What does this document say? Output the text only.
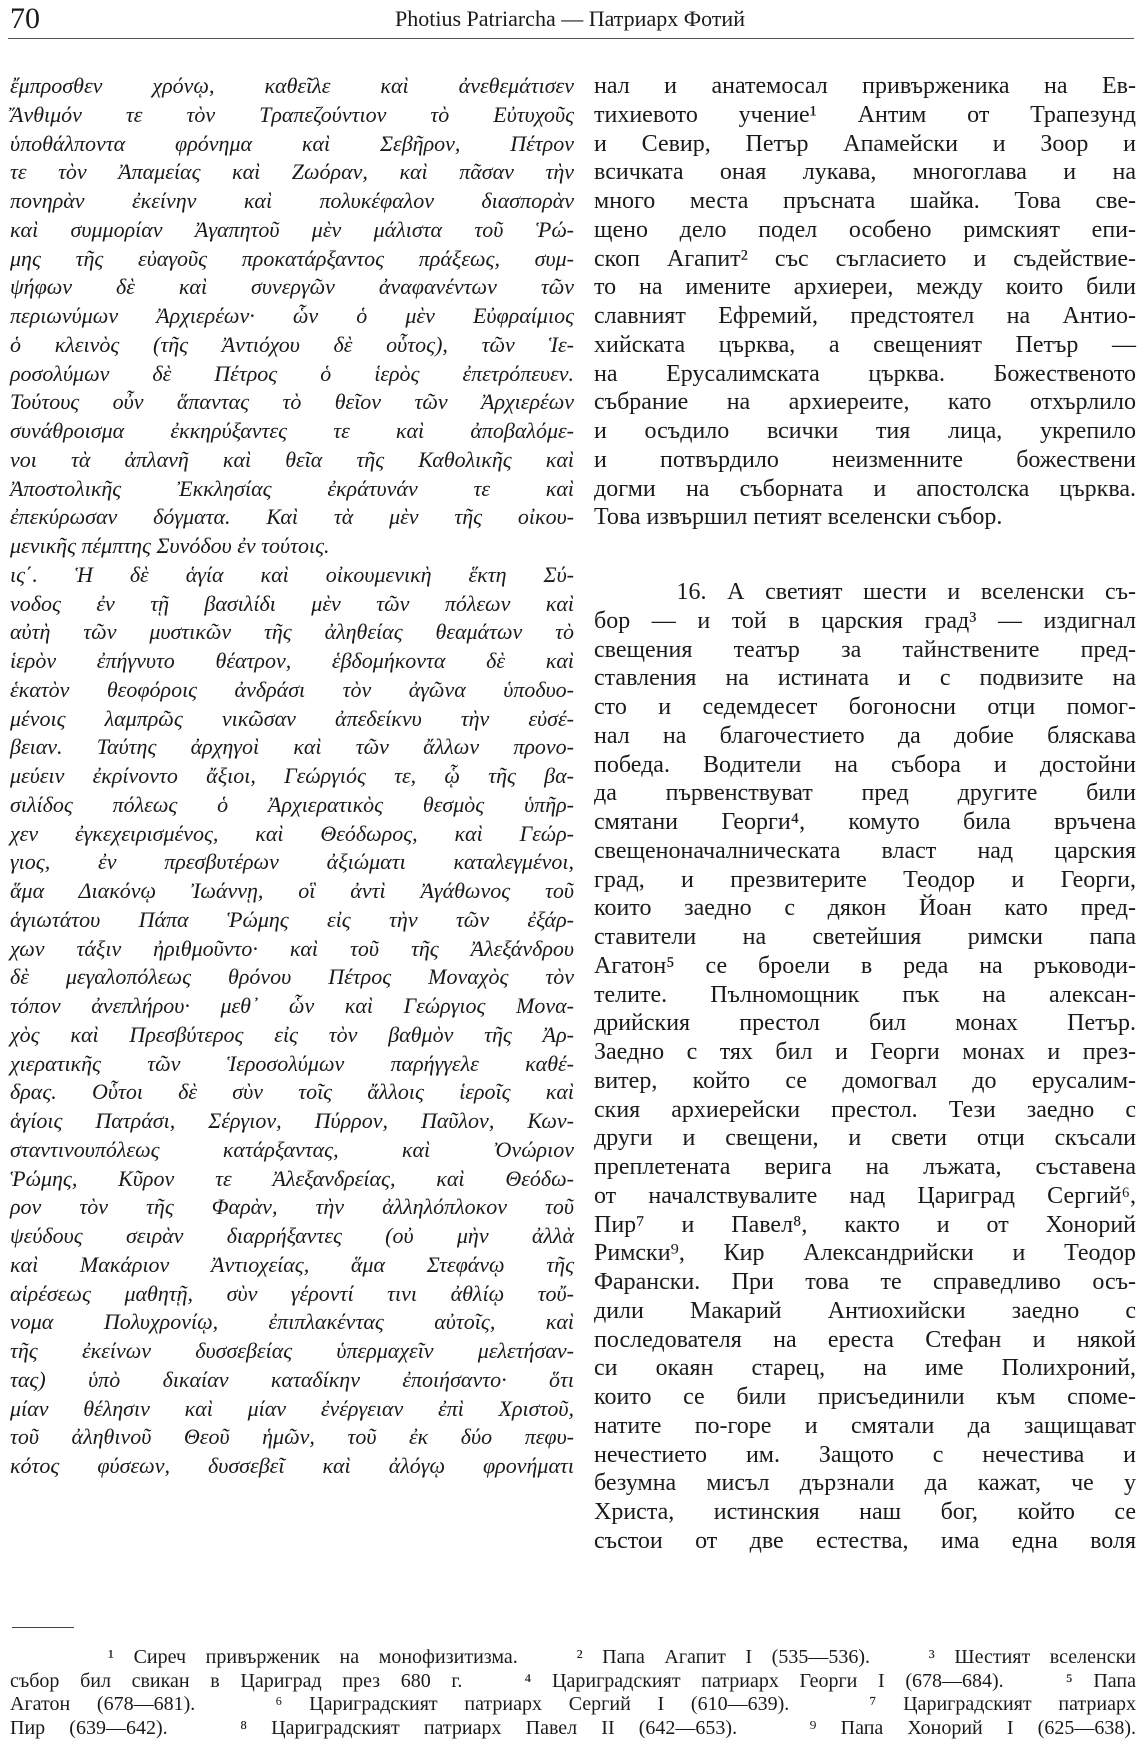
70	Photius Patriarcha — Патриарх Фотий
ἔμπροσθεν χρόνῳ, καθεῖλε καὶ ἀνεθεμάτισεν
Ἄνθιμόν τε τὸν Τραπεζούντιον τὸ Εὐτυχοῦς
ὑποθάλποντα φρόνημα καὶ Σεβῆρον, Πέτρον
τε τὸν Ἀπαμείας καὶ Ζωόραν, καὶ πᾶσαν τὴν
πονηρὰν ἐκείνην καὶ πολυκέφαλον διασπορὰν
καὶ συμμορίαν Ἀγαπητοῦ μὲν μάλιστα τοῦ Ῥώ-
μης τῆς εὐαγοῦς προκατάρξαντος πράξεως, συμ-
ψήφων δὲ καὶ συνεργῶν ἀναφανέντων τῶν
περιωνύμων Ἀρχιερέων· ὧν ὁ μὲν Εὐφραίμιος
ὁ κλεινὸς (τῆς Ἀντιόχου δὲ οὗτος), τῶν Ἱε-
ροσολύμων δὲ Πέτρος ὁ ἱερὸς ἐπετρόπευεν.
Τούτους οὖν ἅπαντας τὸ θεῖον τῶν Ἀρχιερέων
συνάθροισμα ἐκκηρύξαντες τε καὶ ἀποβαλόμε-
νοι τὰ ἀπλανῆ καὶ θεῖα τῆς Καθολικῆς καὶ
Ἀποστολικῆς Ἐκκλησίας ἐκράτυνάν τε καὶ
ἐπεκύρωσαν δόγματα. Καὶ τὰ μὲν τῆς οἰκου-
μενικῆς πέμπτης Συνόδου ἐν τούτοις.
ις΄. Ἡ δὲ ἁγία καὶ οἰκουμενικὴ ἕκτη Σύ-
νοδος ἐν τῇ βασιλίδι μὲν τῶν πόλεων καὶ
αὐτὴ τῶν μυστικῶν τῆς ἀληθείας θεαμάτων τὸ
ἱερὸν ἐπήγνυτο θέατρον, ἑβδομήκοντα δὲ καὶ
ἑκατὸν θεοφόροις ἀνδράσι τὸν ἀγῶνα ὑποδυο-
μένοις λαμπρῶς νικῶσαν ἀπεδείκνυ τὴν εὐσέ-
βειαν. Ταύτης ἀρχηγοὶ καὶ τῶν ἄλλων προνο-
μεύειν ἐκρίνοντο ἄξιοι, Γεώργιός τε, ᾧ τῆς βα-
σιλίδος πόλεως ὁ Ἀρχιερατικὸς θεσμὸς ὑπῆρ-
χεν ἐγκεχειρισμένος, καὶ Θεόδωρος, καὶ Γεώρ-
γιος, ἐν πρεσβυτέρων ἀξιώματι καταλεγμένοι,
ἅμα Διακόνῳ Ἰωάννῃ, οἳ ἀντὶ Ἀγάθωνος τοῦ
ἁγιωτάτου Πάπα Ῥώμης εἰς τὴν τῶν ἐξάρ-
χων τάξιν ἠριθμοῦντο· καὶ τοῦ τῆς Ἀλεξάνδρου
δὲ μεγαλοπόλεως θρόνου Πέτρος Μοναχὸς τὸν
τόπον ἀνεπλήρου· μεθ᾽ ὧν καὶ Γεώργιος Μονα-
χὸς καὶ Πρεσβύτερος εἰς τὸν βαθμὸν τῆς Ἀρ-
χιερατικῆς τῶν Ἱεροσολύμων παρήγγελε καθέ-
δρας. Οὗτοι δὲ σὺν τοῖς ἄλλοις ἱεροῖς καὶ
ἁγίοις Πατράσι, Σέργιον, Πύρρον, Παῦλον, Κων-
σταντινουπόλεως κατάρξαντας, καὶ Ὀνώριον
Ῥώμης, Κῦρον τε Ἀλεξανδρείας, καὶ Θεόδω-
ρον τὸν τῆς Φαρὰν, τὴν ἀλληλόπλοκον τοῦ
ψεύδους σειρὰν διαρρήξαντες (οὐ μὴν ἀλλὰ
καὶ Μακάριον Ἀντιοχείας, ἅμα Στεφάνῳ τῆς
αἱρέσεως μαθητῇ, σὺν γέροντί τινι ἀθλίῳ τοὔ-
νομα Πολυχρονίῳ, ἐπιπλακέντας αὐτοῖς, καὶ
τῆς ἐκείνων δυσσεβείας ὑπερμαχεῖν μελετήσαν-
τας) ὑπὸ δικαίαν καταδίκην ἐποιήσαντο· ὅτι
μίαν θέλησιν καὶ μίαν ἐνέργειαν ἐπὶ Χριστοῦ,
τοῦ ἀληθινοῦ Θεοῦ ἡμῶν, τοῦ ἐκ δύο πεφυ-
κότος φύσεων, δυσσεβεῖ καὶ ἀλόγῳ φρονήματι
нал и анатемосал привърженика на Ев-
тихиевото учение¹ Антим от Трапезунд
и Севир, Петър Апамейски и Зоор и
всичката оная лукава, многоглава и на
много места пръсната шайка. Това све-
щено дело подел особено римският епи-
скоп Агапит² със съгласието и съдействие-
то на имените архиереи, между които били
славният Ефремий, предстоятел на Антио-
хийската църква, а свещеният Петър —
на Ерусалимската църква. Божественото
събрание на архиереите, като отхърлило
и осъдило всички тия лица, укрепило
и потвърдило неизменните божествени
догми на съборната и апостолска църква.
Това извършил петият вселенски събор.
16. А светият шести и вселенски съ-
бор — и той в царския град³ — издигнал
свещения театър за тайнствените пред-
ставления на истината и с подвизите на
сто и седемдесет богоносни отци помог-
нал на благочестието да добие бляскава
победа. Водители на събора и достойни
да първенствуват пред другите били
смятани Георги⁴, комуто била връчена
свещеноначалническата власт над царския
град, и презвитерите Теодор и Георги,
които заедно с дякон Йоан като пред-
ставители на светейшия римски папа
Агатон⁵ се броели в реда на ръководи-
телите. Пълномощник пък на алексан-
дрийския престол бил монах Петър.
Заедно с тях бил и Георги монах и през-
витер, който се домогвал до ерусалим-
ския архиерейски престол. Тези заедно с
други и свещени, и свети отци скъсали
преплетената верига на лъжата, съставена
от началствувалите над Цариград Сергий⁶,
Пир⁷ и Павел⁸, както и от Хонорий
Римски⁹, Кир Александрийски и Теодор
Фарански. При това те справедливо осъ-
дили Макарий Антиохийски заедно с
последователя на ереста Стефан и някой
си окаян старец, на име Полихроний,
които се били присъединили към споме-
натите по-горе и смятали да защищават
нечестието им. Защото с нечестива и
безумна мисъл дързнали да кажат, че у
Христа, истинския наш бог, който се
състои от две естества, има една воля
¹ Сиреч привърженик на монофизитизма.   ² Папа Агапит I (535—536).   ³ Шестият вселенски
събор бил свикан в Цариград през 680 г.   ⁴ Цариградският патриарх Георги I (678—684).   ⁵ Папа
Агатон (678—681).   ⁶ Цариградският патриарх Сергий I (610—639).   ⁷ Цариградският патриарх
Пир (639—642).   ⁸ Цариградският патриарх Павел II (642—653).   ⁹ Папа Хонорий I (625—638).
